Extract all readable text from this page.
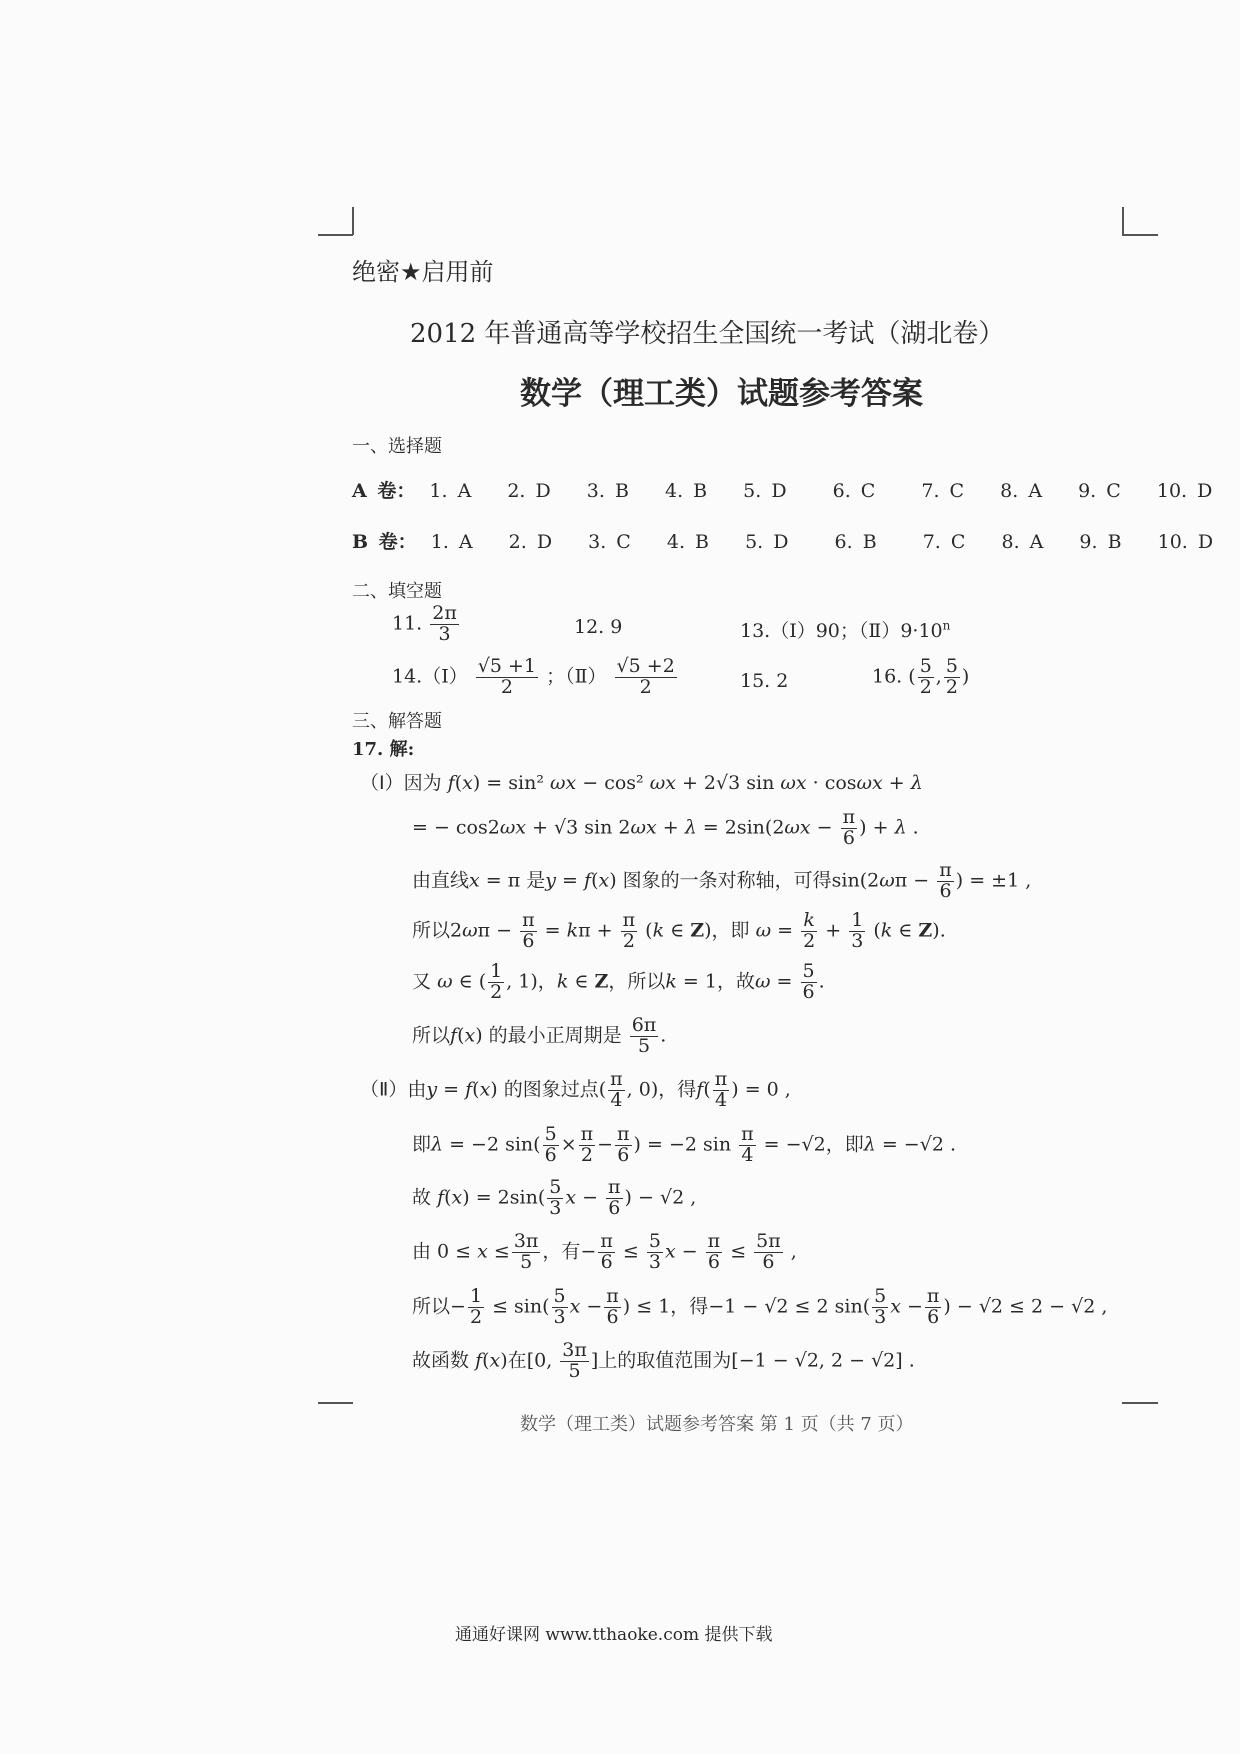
绝密★启用前
2012 年普通高等学校招生全国统一考试（湖北卷）
数学（理工类）试题参考答案
一、选择题
A 卷： 1. A 2. D 3. B 4. B 5. D 6. C 7. C 8. A 9. C 10. D
B 卷： 1. A 2. D 3. C 4. B 5. D 6. B 7. C 8. A 9. B 10. D
二、填空题
11. $\frac{2\pi}{3}$	12. 9	13.（Ⅰ）90；$(Ⅱ)9\cdot 10^n$
14.（Ⅰ） $\frac{√5 +1}{2}$ ；（Ⅱ） $\frac{√5 +2}{2}$	15. 2	16. ( $\frac{5}{2}$ , $\frac{5}{2}$ )
三、解答题
17. 解:
（Ⅰ）因为 f(x) = sin² ωx − cos² ωx + 2√3 sin ωx · cosωx + λ
= − cos2ωx + √3 $\sin 2\omega x + \lambda = 2\sin(2\omega x - \frac{\pi}{6}$ ) + λ .
由直线x = π 是y = f(x) 图象的一条对称轴，可得$\sin(2\omega\pi - \frac{\pi}{6}$ ) = ±1 ,
所以$2\omega\pi - \frac{\pi}{6} = k\pi + \frac{\pi}{2} (k$ ∈ Z)，即 $\omega = \frac{k}{2} + \frac{1}{3} (k$ ∈ Z).
又 ω ∈ ( $\frac{1}{2}$ , 1)，k ∈ Z，所以k = 1，故$\omega = \frac{5}{6}$ .
所以f(x) 的最小正周期是 $\frac{6\pi}{5}$ .
（Ⅱ）由y = f(x) 的图象过点( $\frac{\pi}{4}$ , 0)，得$f( \frac{\pi}{4}$ ) = 0 ,
即λ = −2 $\sin( \frac{5}{6} \times \frac{\pi}{2} - \frac{\pi}{6}$ ) = −2 $\sin \frac{\pi}{4} = -√2$，即λ = −√2 .
故 $f(x) = 2\sin( \frac{5}{3}$ $x - \frac{\pi}{6}$ ) − √2 ,
由 $0 \le x \le \frac{3\pi}{5}$ ，有− $\frac{\pi}{6} \le \frac{5}{3}$ $x - \frac{\pi}{6} \le \frac{5\pi}{6}$ ,
所以− $\frac{1}{2} \le \sin( \frac{5}{3}$ $x - \frac{\pi}{6}$ ) ≤ 1，得−1 − √2 ≤ 2 $\sin( \frac{5}{3}$ $x - \frac{\pi}{6}$ ) − √2 ≤ 2 − √2 ,
故函数 f(x)在[0, $\frac{3\pi}{5}$ ]上的取值范围为[−1 − √2, 2 − √2] .
数学（理工类）试题参考答案 第 1 页（共 7 页）
通通好课网 www.tthaoke.com 提供下载
